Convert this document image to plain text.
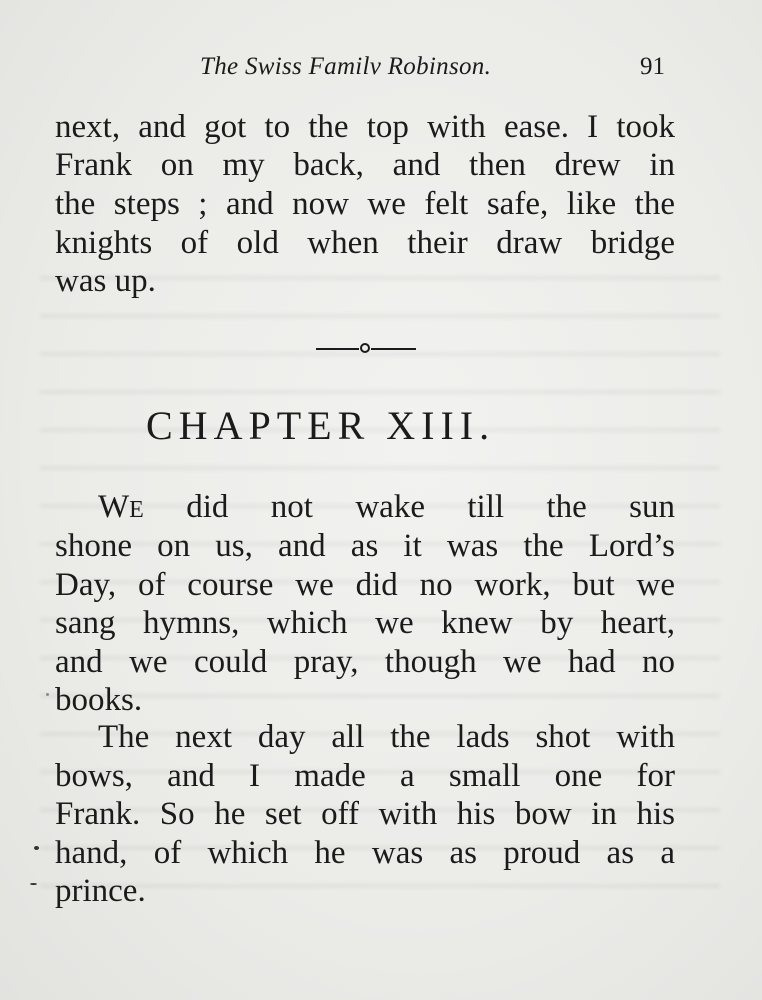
The Swiss Familv Robinson.	91
next, and got to the top with ease. I took
Frank on my back, and then drew in
the steps ; and now we felt safe, like the
knights of old when their draw bridge
was up.
CHAPTER XIII.
WE did not wake till the sun
shone on us, and as it was the Lord’s
Day, of course we did no work, but we
sang hymns, which we knew by heart,
and we could pray, though we had no
books.
The next day all the lads shot with
bows, and I made a small one for
Frank. So he set off with his bow in his
hand, of which he was as proud as a
prince.
